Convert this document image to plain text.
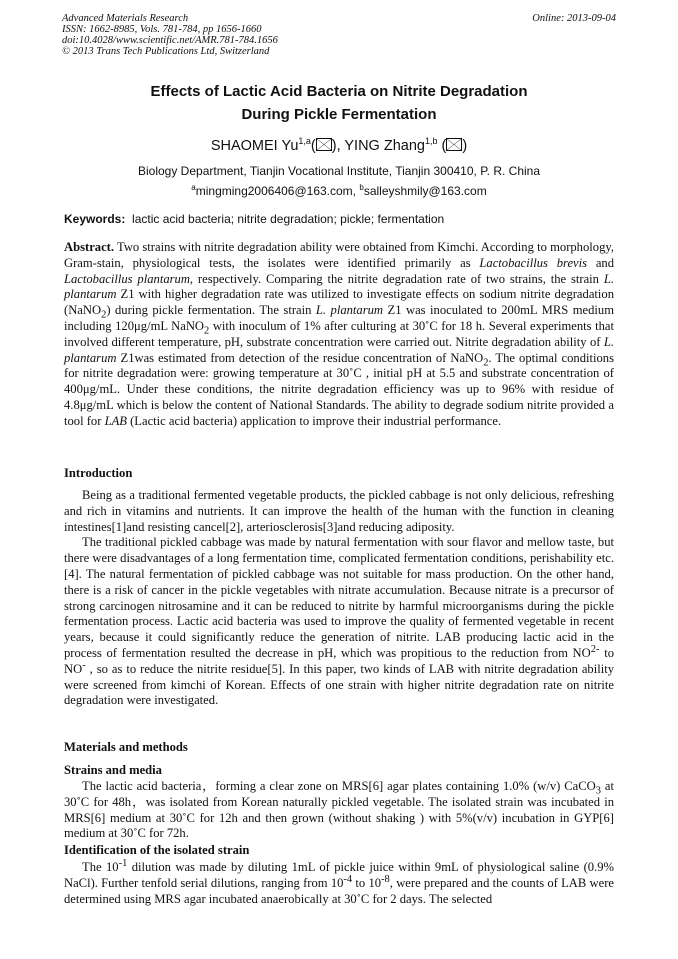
Advanced Materials Research
ISSN: 1662-8985, Vols. 781-784, pp 1656-1660
doi:10.4028/www.scientific.net/AMR.781-784.1656
© 2013 Trans Tech Publications Ltd, Switzerland
Online: 2013-09-04
Effects of Lactic Acid Bacteria on Nitrite Degradation
During Pickle Fermentation
SHAOMEI Yu$^{1,a}$( ), YING Zhang$^{1,b}$ ( )
Biology Department, Tianjin Vocational Institute, Tianjin 300410, P. R. China
$^a$mingming2006406@163.com, $^b$salleyshmily@163.com
Keywords: lactic acid bacteria; nitrite degradation; pickle; fermentation

Abstract. Two strains with nitrite degradation ability were obtained from Kimchi. According to morphology, Gram-stain, physiological tests, the isolates were identified primarily as Lactobacillus brevis and Lactobacillus plantarum, respectively. Comparing the nitrite degradation rate of two strains, the strain L. plantarum Z1 with higher degradation rate was utilized to investigate effects on sodium nitrite degradation (NaNO$_2$) during pickle fermentation. The strain L. plantarum Z1 was inoculated to 200mL MRS medium including 120μg/mL NaNO$_2$ with inoculum of 1% after culturing at 30˚C for 18 h. Several experiments that involved different temperature, pH, substrate concentration were carried out. Nitrite degradation ability of L. plantarum Z1was estimated from detection of the residue concentration of NaNO$_2$. The optimal conditions for nitrite degradation were: growing temperature at 30˚C , initial pH at 5.5 and substrate concentration of 400μg/mL. Under these conditions, the nitrite degradation efficiency was up to 96% with residue of 4.8μg/mL which is below the content of National Standards. The ability to degrade sodium nitrite provided a tool for LAB (Lactic acid bacteria) application to improve their industrial performance.

Introduction

Being as a traditional fermented vegetable products, the pickled cabbage is not only delicious, refreshing and rich in vitamins and nutrients. It can improve the health of the human with the function in cleaning intestines[1]and resisting cancel[2], arteriosclerosis[3]and reducing adiposity.

The traditional pickled cabbage was made by natural fermentation with sour flavor and mellow taste, but there were disadvantages of a long fermentation time, complicated fermentation conditions, perishability etc.[4]. The natural fermentation of pickled cabbage was not suitable for mass production. On the other hand, there is a risk of cancer in the pickle vegetables with nitrate accumulation. Because nitrate is a precursor of strong carcinogen nitrosamine and it can be reduced to nitrite by harmful microorganisms during the pickle fermentation process. Lactic acid bacteria was used to improve the quality of fermented vegetable in recent years, because it could significantly reduce the generation of nitrite. LAB producing lactic acid in the process of fermentation resulted the decrease in pH, which was propitious to the reduction from $NO^{2-}$ to NO- , so as to reduce the nitrite residue[5]. In this paper, two kinds of LAB with nitrite degradation ability were screened from kimchi of Korean. Effects of one strain with higher nitrite degradation rate on nitrite degradation were investigated.

Materials and methods
Strains and media

The lactic acid bacteria，forming a clear zone on MRS[6] agar plates containing 1.0% (w/v) CaCO$_3$ at 30˚C for 48h，was isolated from Korean naturally pickled vegetable. The isolated strain was incubated in MRS[6] medium at 30˚C for 12h and then grown (without shaking ) with 5%(v/v) incubation in GYP[6] medium at 30˚C for 72h.

Identification of the isolated strain

The $10^{-1}$ dilution was made by diluting 1mL of pickle juice within 9mL of physiological saline (0.9% NaCl). Further tenfold serial dilutions, ranging from $10^{-4}$ to $10^{-8}$, were prepared and the counts of LAB were determined using MRS agar incubated anaerobically at 30˚C for 2 days. The selected
